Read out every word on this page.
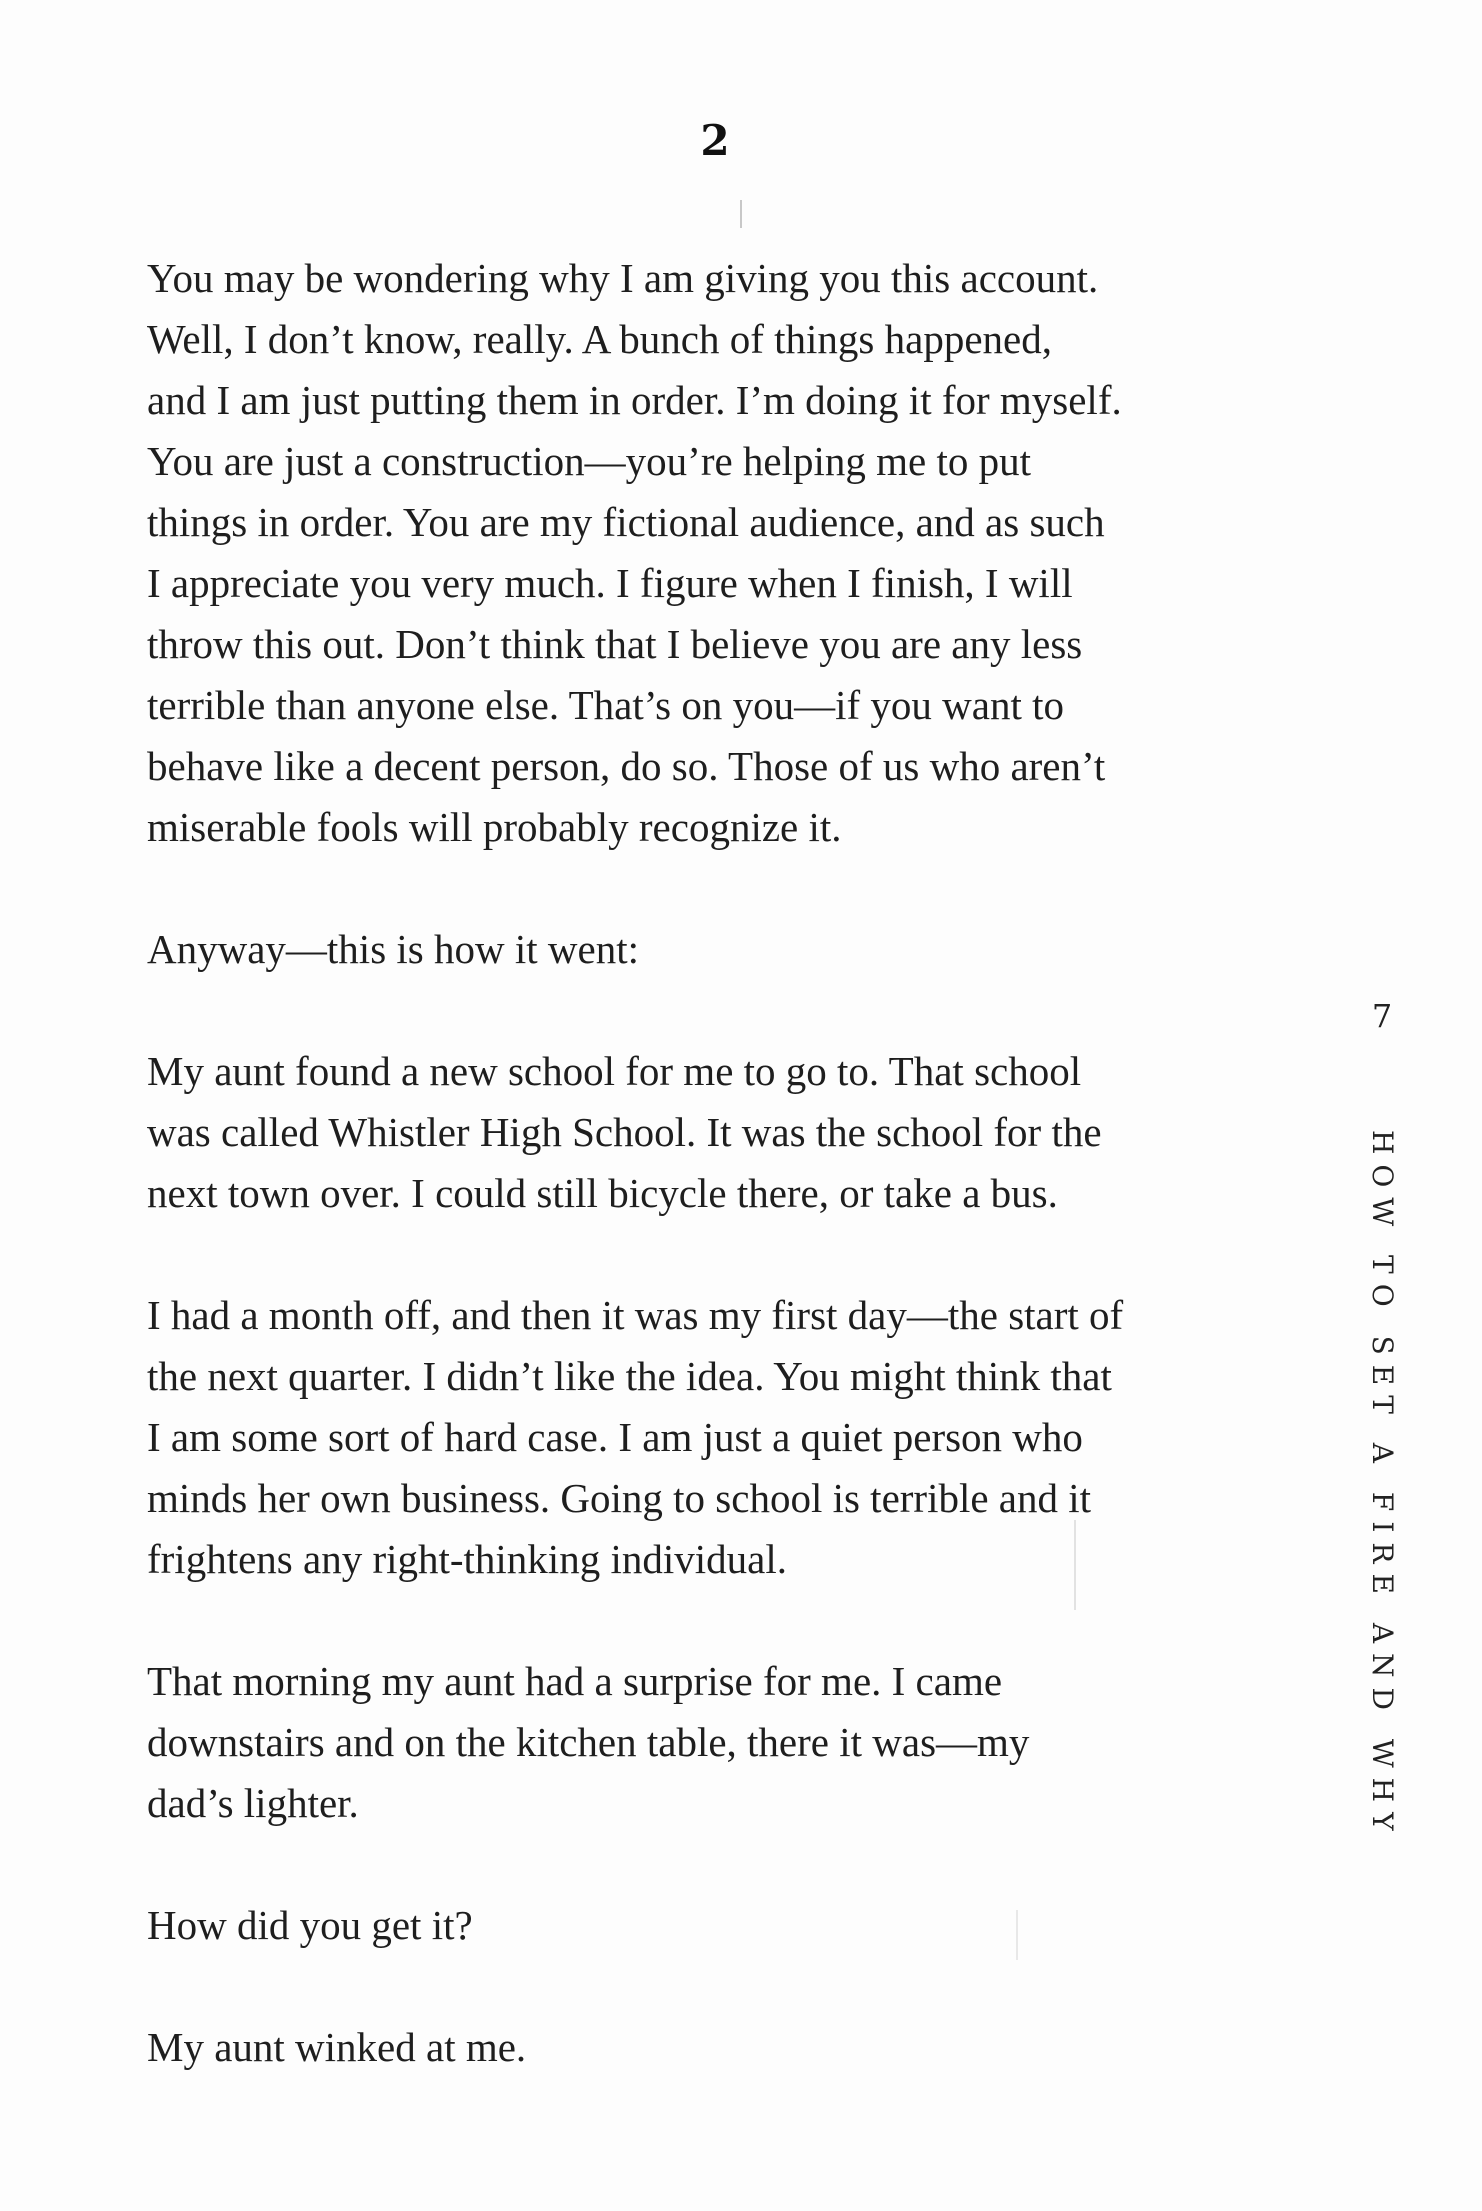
2

You may be wondering why I am giving you this account.
Well, I don’t know, really. A bunch of things happened,
and I am just putting them in order. I’m doing it for myself.
You are just a construction—you’re helping me to put
things in order. You are my fictional audience, and as such
I appreciate you very much. I figure when I finish, I will
throw this out. Don’t think that I believe you are any less
terrible than anyone else. That’s on you—if you want to
behave like a decent person, do so. Those of us who aren’t
miserable fools will probably recognize it.

Anyway—this is how it went:

My aunt found a new school for me to go to. That school
was called Whistler High School. It was the school for the
next town over. I could still bicycle there, or take a bus.

I had a month off, and then it was my first day—the start of
the next quarter. I didn’t like the idea. You might think that
I am some sort of hard case. I am just a quiet person who
minds her own business. Going to school is terrible and it
frightens any right-thinking individual.

That morning my aunt had a surprise for me. I came
downstairs and on the kitchen table, there it was—my
dad’s lighter.

How did you get it?

My aunt winked at me.

7
HOW TO SET A FIRE AND WHY
